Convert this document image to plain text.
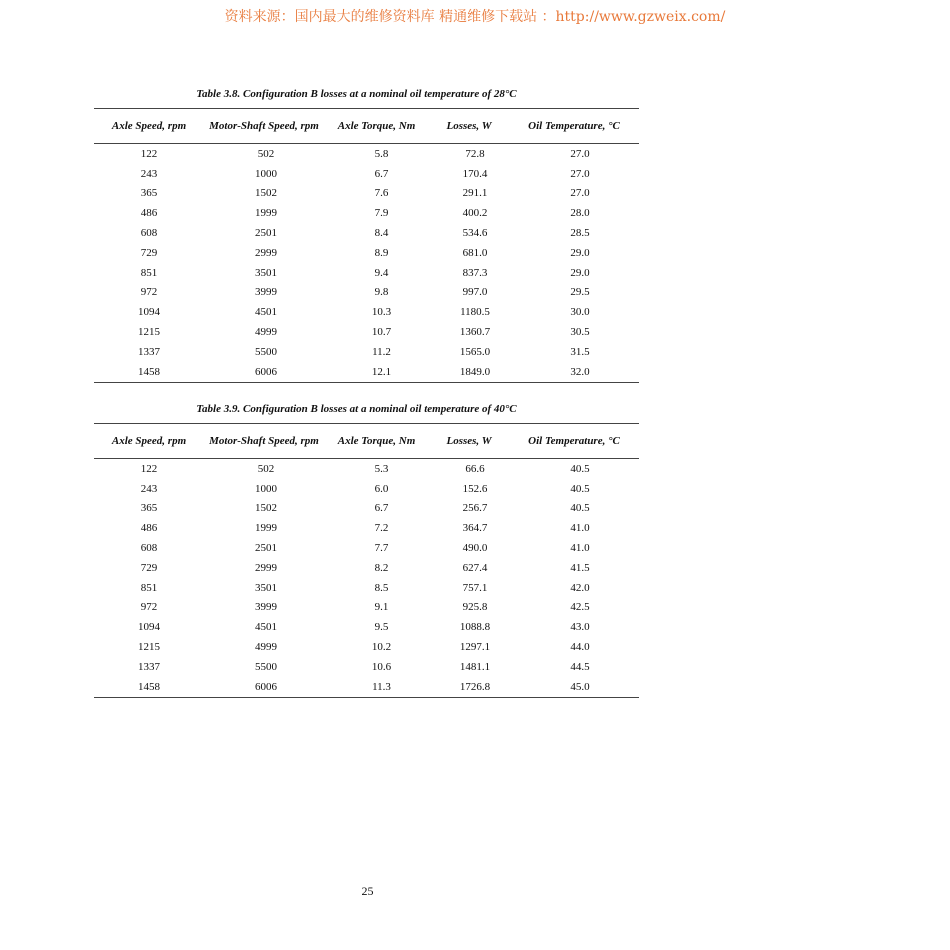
资料来源：国内最大的维修资料库 精通维修下载站 ：http://www.gzweix.com/
Table 3.8. Configuration B losses at a nominal oil temperature of 28°C
Axle Speed, rpm	Motor-Shaft Speed, rpm	Axle Torque, Nm	Losses, W	Oil Temperature, °C
122	502	5.8	72.8	27.0
243	1000	6.7	170.4	27.0
365	1502	7.6	291.1	27.0
486	1999	7.9	400.2	28.0
608	2501	8.4	534.6	28.5
729	2999	8.9	681.0	29.0
851	3501	9.4	837.3	29.0
972	3999	9.8	997.0	29.5
1094	4501	10.3	1180.5	30.0
1215	4999	10.7	1360.7	30.5
1337	5500	11.2	1565.0	31.5
1458	6006	12.1	1849.0	32.0
Table 3.9. Configuration B losses at a nominal oil temperature of 40°C
Axle Speed, rpm	Motor-Shaft Speed, rpm	Axle Torque, Nm	Losses, W	Oil Temperature, °C
122	502	5.3	66.6	40.5
243	1000	6.0	152.6	40.5
365	1502	6.7	256.7	40.5
486	1999	7.2	364.7	41.0
608	2501	7.7	490.0	41.0
729	2999	8.2	627.4	41.5
851	3501	8.5	757.1	42.0
972	3999	9.1	925.8	42.5
1094	4501	9.5	1088.8	43.0
1215	4999	10.2	1297.1	44.0
1337	5500	10.6	1481.1	44.5
1458	6006	11.3	1726.8	45.0
25
